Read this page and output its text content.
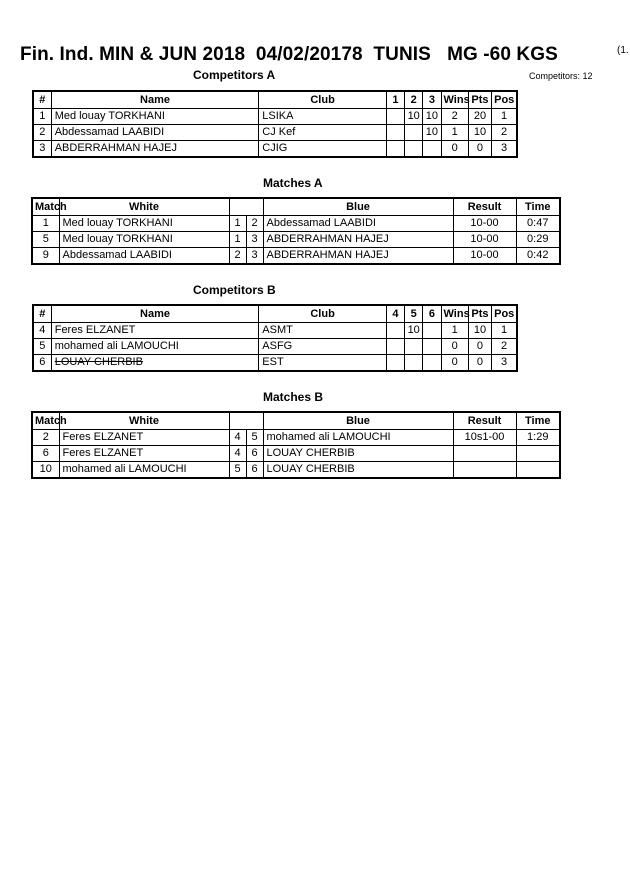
Fin. Ind. MIN & JUN 2018  04/02/20178  TUNIS   MG -60 KGS	(1.
Competitors A	Competitors: 12
#	Name	Club	1	2	3	Wins	Pts	Pos
1	Med louay TORKHANI	LSIKA		10	10	2	20	1
2	Abdessamad LAABIDI	CJ Kef			10	1	10	2
3	ABDERRAHMAN HAJEJ	CJIG				0	0	3
Matches A
Match	White			Blue	Result	Time
1	Med louay TORKHANI	1	2	Abdessamad LAABIDI	10-00	0:47
5	Med louay TORKHANI	1	3	ABDERRAHMAN HAJEJ	10-00	0:29
9	Abdessamad LAABIDI	2	3	ABDERRAHMAN HAJEJ	10-00	0:42
Competitors B
#	Name	Club	4	5	6	Wins	Pts	Pos
4	Feres ELZANET	ASMT		10		1	10	1
5	mohamed ali LAMOUCHI	ASFG				0	0	2
6	LOUAY CHERBIB	EST				0	0	3
Matches B
Match	White			Blue	Result	Time
2	Feres ELZANET	4	5	mohamed ali LAMOUCHI	10s1-00	1:29
6	Feres ELZANET	4	6	LOUAY CHERBIB		
10	mohamed ali LAMOUCHI	5	6	LOUAY CHERBIB		
